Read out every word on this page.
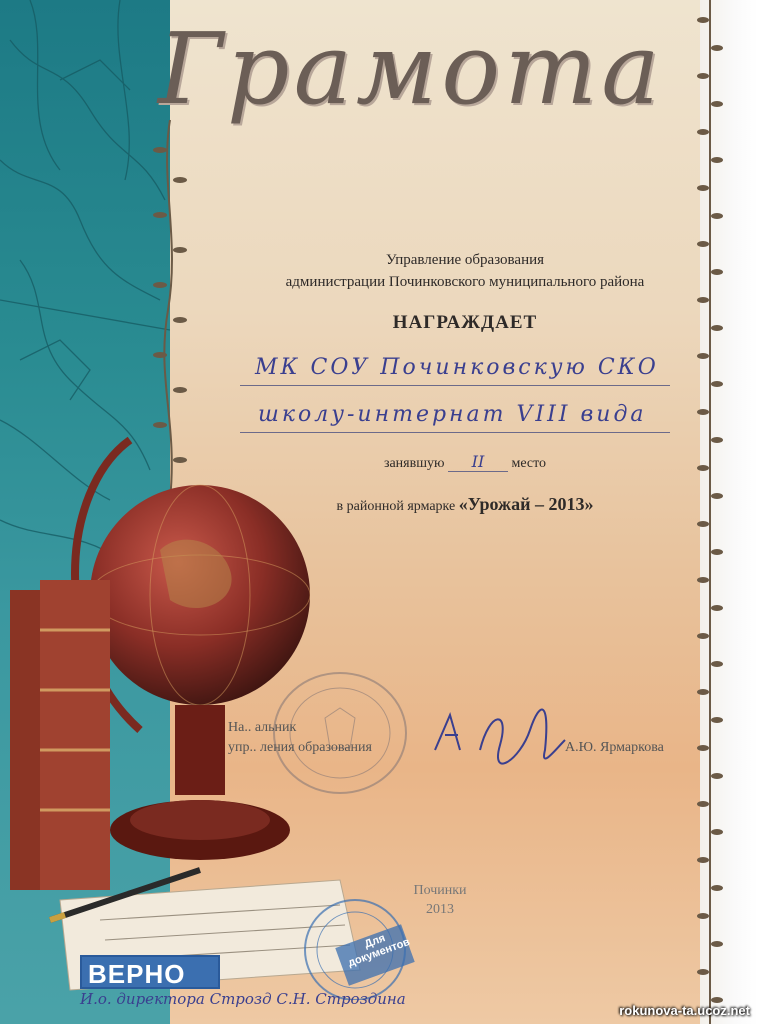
Грамота
Управление образования
администрации Починковского муниципального района
НАГРАЖДАЕТ
МК СОУ Починковскую СКО
школу-интернат VIII вида
занявшую II место
в районной ярмарке «Урожай – 2013»
На.. альник
упр.. ления образования	А.Ю. Ярмаркова
Починки
2013
Для документов
ВЕРНО
И.о. директора Строзд С.Н. Строздина
rokunova-ta.ucoz.net
